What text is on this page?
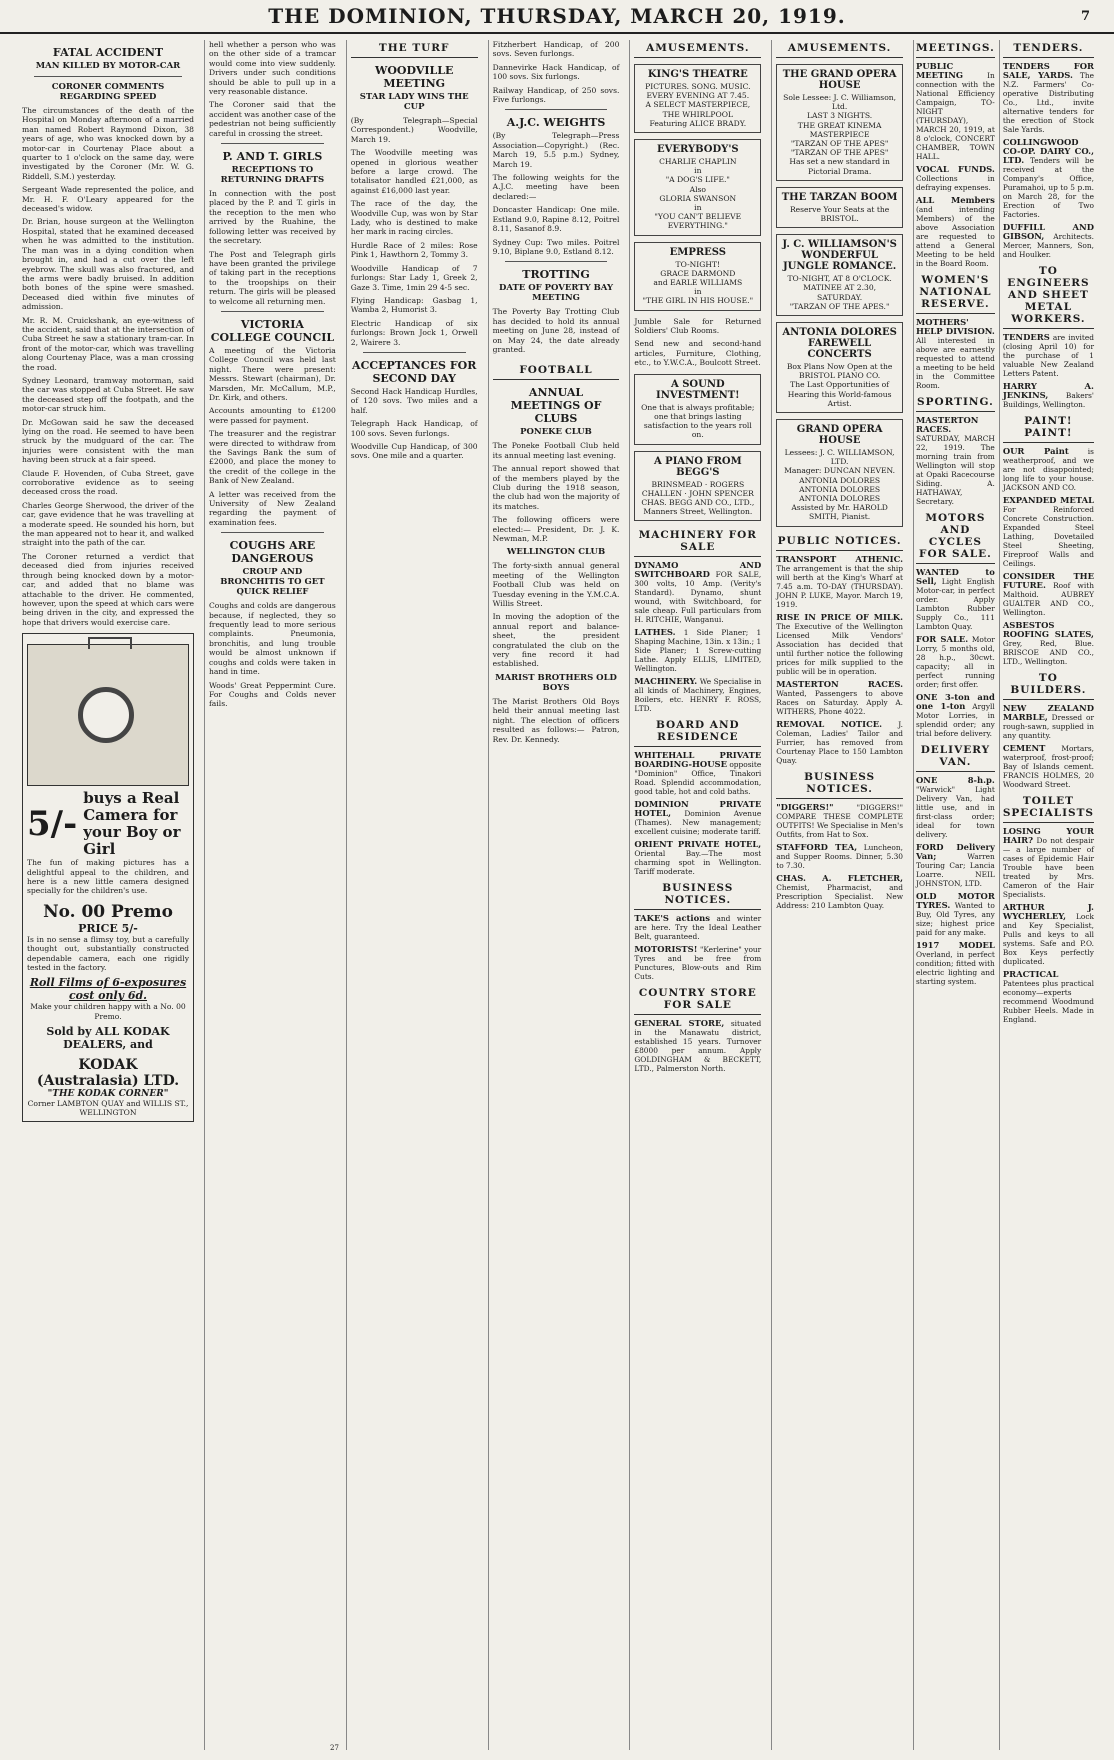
THE DOMINION, THURSDAY, MARCH 20, 1919.	7
FATAL ACCIDENT
MAN KILLED BY MOTOR-CAR
CORONER COMMENTS REGARDING SPEED

The circumstances of the death of the Hospital on Monday afternoon of a married man named Robert Raymond Dixon, 38 years of age, who was knocked down by a motor-car in Courtenay Place about a quarter to 1 o'clock on the same day, were investigated by the Coroner (Mr. W. G. Riddell, S.M.) yesterday.

Sergeant Wade represented the police, and Mr. H. F. O'Leary appeared for the deceased's widow.

Dr. Brian, house surgeon at the Wellington Hospital, stated that he examined deceased when he was admitted to the institution. The man was in a dying condition when brought in, and had a cut over the left eyebrow. The skull was also fractured, and the arms were badly bruised. In addition both bones of the spine were smashed. Deceased died within five minutes of admission.

Mr. R. M. Cruickshank, an eye-witness of the accident, said that at the intersection of Cuba Street he saw a stationary tram-car. In front of the motor-car, which was travelling along Courtenay Place, was a man crossing the road.

Sydney Leonard, tramway motorman, said the car was stopped at Cuba Street. He saw the deceased step off the footpath, and the motor-car struck him.

Dr. McGowan said he saw the deceased lying on the road. He seemed to have been struck by the mudguard of the car. The injuries were consistent with the man having been struck at a fair speed.

Claude F. Hovenden, of Cuba Street, gave corroborative evidence as to seeing deceased cross the road.

Charles George Sherwood, the driver of the car, gave evidence that he was travelling at a moderate speed. He sounded his horn, but the man appeared not to hear it, and walked straight into the path of the car.

The Coroner returned a verdict that deceased died from injuries received through being knocked down by a motor-car, and added that no blame was attachable to the driver. He commented, however, upon the speed at which cars were being driven in the city, and expressed the hope that drivers would exercise care.

5/-
buys a Real Camera for your Boy or Girl

The fun of making pictures has a delightful appeal to the children, and here is a new little camera designed specially for the children's use.

No. 00 Premo
PRICE 5/-

Is in no sense a flimsy toy, but a carefully thought out, substantially constructed dependable camera, each one rigidly tested in the factory.

Roll Films of 6-exposures cost only 6d.

Make your children happy with a No. 00 Premo.

Sold by ALL KODAK DEALERS, and
KODAK (Australasia) LTD.
"THE KODAK CORNER"
Corner LAMBTON QUAY and WILLIS ST., WELLINGTON

hell whether a person who was on the other side of a tramcar would come into view suddenly. Drivers under such conditions should be able to pull up in a very reasonable distance.

The Coroner said that the accident was another case of the pedestrian not being sufficiently careful in crossing the street.

P. AND T. GIRLS
RECEPTIONS TO RETURNING DRAFTS

In connection with the post placed by the P. and T. girls in the reception to the men who arrived by the Ruahine, the following letter was received by the secretary.

The Post and Telegraph girls have been granted the privilege of taking part in the receptions to the troopships on their return. The girls will be pleased to welcome all returning men.

VICTORIA COLLEGE COUNCIL

A meeting of the Victoria College Council was held last night. There were present: Messrs. Stewart (chairman), Dr. Marsden, Mr. McCallum, M.P., Dr. Kirk, and others.

Accounts amounting to £1200 were passed for payment.

The treasurer and the registrar were directed to withdraw from the Savings Bank the sum of £2000, and place the money to the credit of the college in the Bank of New Zealand.

A letter was received from the University of New Zealand regarding the payment of examination fees.

COUGHS ARE DANGEROUS
CROUP AND BRONCHITIS TO GET QUICK RELIEF

Coughs and colds are dangerous because, if neglected, they so frequently lead to more serious complaints. Pneumonia, bronchitis, and lung trouble would be almost unknown if coughs and colds were taken in hand in time.

Woods' Great Peppermint Cure. For Coughs and Colds never fails.

THE TURF
WOODVILLE MEETING
STAR LADY WINS THE CUP

(By Telegraph—Special Correspondent.) Woodville, March 19.

The Woodville meeting was opened in glorious weather before a large crowd. The totalisator handled £21,000, as against £16,000 last year.

The race of the day, the Woodville Cup, was won by Star Lady, who is destined to make her mark in racing circles.

Hurdle Race of 2 miles: Rose Pink 1, Hawthorn 2, Tommy 3.

Woodville Handicap of 7 furlongs: Star Lady 1, Greek 2, Gaze 3. Time, 1min 29 4-5 sec.

Flying Handicap: Gasbag 1, Wamba 2, Humorist 3.

Electric Handicap of six furlongs: Brown Jock 1, Orwell 2, Wairere 3.

ACCEPTANCES FOR SECOND DAY

Second Hack Handicap Hurdles, of 120 sovs. Two miles and a half.

Telegraph Hack Handicap, of 100 sovs. Seven furlongs.

Woodville Cup Handicap, of 300 sovs. One mile and a quarter.

Fitzherbert Handicap, of 200 sovs. Seven furlongs.

Dannevirke Hack Handicap, of 100 sovs. Six furlongs.

Railway Handicap, of 250 sovs. Five furlongs.

A.J.C. WEIGHTS

(By Telegraph—Press Association—Copyright.) (Rec. March 19, 5.5 p.m.) Sydney, March 19.

The following weights for the A.J.C. meeting have been declared:—

Doncaster Handicap: One mile. Estland 9.0, Rapine 8.12, Poitrel 8.11, Sasanof 8.9.

Sydney Cup: Two miles. Poitrel 9.10, Biplane 9.0, Estland 8.12.

TROTTING
DATE OF POVERTY BAY MEETING

The Poverty Bay Trotting Club has decided to hold its annual meeting on June 28, instead of on May 24, the date already granted.

FOOTBALL
ANNUAL MEETINGS OF CLUBS
PONEKE CLUB

The Poneke Football Club held its annual meeting last evening.

The annual report showed that of the members played by the Club during the 1918 season, the club had won the majority of its matches.

The following officers were elected:— President, Dr. J. K. Newman, M.P.

WELLINGTON CLUB

The forty-sixth annual general meeting of the Wellington Football Club was held on Tuesday evening in the Y.M.C.A. Willis Street.

In moving the adoption of the annual report and balance-sheet, the president congratulated the club on the very fine record it had established.

MARIST BROTHERS OLD BOYS

The Marist Brothers Old Boys held their annual meeting last night. The election of officers resulted as follows:— Patron, Rev. Dr. Kennedy.

AMUSEMENTS.
KING'S THEATRE
PICTURES. SONG. MUSIC.
EVERY EVENING AT 7.45.
A SELECT MASTERPIECE,
THE WHIRLPOOL
Featuring ALICE BRADY.
EVERYBODY'S
CHARLIE CHAPLIN
in
"A DOG'S LIFE."
Also
GLORIA SWANSON
in
"YOU CAN'T BELIEVE EVERYTHING."
EMPRESS
TO-NIGHT!
GRACE DARMOND
and EARLE WILLIAMS
in
"THE GIRL IN HIS HOUSE."

Jumble Sale for Returned Soldiers' Club Rooms.

Send new and second-hand articles, Furniture, Clothing, etc., to Y.W.C.A., Boulcott Street.

A SOUND INVESTMENT!
One that is always profitable; one that brings lasting satisfaction to the years roll on.
A PIANO FROM BEGG'S
BRINSMEAD · ROGERS
CHALLEN · JOHN SPENCER
CHAS. BEGG AND CO., LTD.,
Manners Street, Wellington.
MACHINERY FOR SALE

DYNAMO AND SWITCHBOARD FOR SALE, 300 volts, 10 Amp. (Verity's Standard). Dynamo, shunt wound, with Switchboard, for sale cheap. Full particulars from H. RITCHIE, Wanganui.

LATHES. 1 Side Planer; 1 Shaping Machine, 13in. x 13in.; 1 Side Planer; 1 Screw-cutting Lathe. Apply ELLIS, LIMITED, Wellington.

MACHINERY. We Specialise in all kinds of Machinery, Engines, Boilers, etc. HENRY F. ROSS, LTD.

BOARD AND RESIDENCE

WHITEHALL PRIVATE BOARDING-HOUSE opposite "Dominion" Office, Tinakori Road. Splendid accommodation, good table, hot and cold baths.

DOMINION PRIVATE HOTEL, Dominion Avenue (Thames). New management; excellent cuisine; moderate tariff.

ORIENT PRIVATE HOTEL, Oriental Bay.—The most charming spot in Wellington. Tariff moderate.

BUSINESS NOTICES.

TAKE'S actions and winter are here. Try the Ideal Leather Belt, guaranteed.

MOTORISTS! "Kerlerine" your Tyres and be free from Punctures, Blow-outs and Rim Cuts.

COUNTRY STORE FOR SALE

GENERAL STORE, situated in the Manawatu district, established 15 years. Turnover £8000 per annum. Apply GOLDINGHAM & BECKETT, LTD., Palmerston North.

AMUSEMENTS.
THE GRAND OPERA HOUSE
Sole Lessee: J. C. Williamson, Ltd.
LAST 3 NIGHTS.
THE GREAT KINEMA MASTERPIECE
"TARZAN OF THE APES"
"TARZAN OF THE APES"
Has set a new standard in Pictorial Drama.
THE TARZAN BOOM
Reserve Your Seats at the BRISTOL.
J. C. WILLIAMSON'S WONDERFUL JUNGLE ROMANCE.
TO-NIGHT, AT 8 O'CLOCK.
MATINEE AT 2.30, SATURDAY.
"TARZAN OF THE APES."
ANTONIA DOLORES FAREWELL CONCERTS
Box Plans Now Open at the BRISTOL PIANO CO.
The Last Opportunities of Hearing this World-famous Artist.
GRAND OPERA HOUSE
Lessees: J. C. WILLIAMSON, LTD.
Manager: DUNCAN NEVEN.
ANTONIA DOLORES
ANTONIA DOLORES
ANTONIA DOLORES
Assisted by Mr. HAROLD SMITH, Pianist.
PUBLIC NOTICES.

TRANSPORT ATHENIC. The arrangement is that the ship will berth at the King's Wharf at 7.45 a.m. TO-DAY (THURSDAY). JOHN P. LUKE, Mayor. March 19, 1919.

RISE IN PRICE OF MILK. The Executive of the Wellington Licensed Milk Vendors' Association has decided that until further notice the following prices for milk supplied to the public will be in operation.

MASTERTON RACES. Wanted, Passengers to above Races on Saturday. Apply A. WITHERS, Phone 4022.

REMOVAL NOTICE. J. Coleman, Ladies' Tailor and Furrier, has removed from Courtenay Place to 150 Lambton Quay.

BUSINESS NOTICES.

"DIGGERS!"	"DIGGERS!" COMPARE THESE COMPLETE OUTFITS! We Specialise in Men's Outfits, from Hat to Sox.

STAFFORD TEA, Luncheon, and Supper Rooms. Dinner, 5.30 to 7.30.

CHAS. A. FLETCHER, Chemist, Pharmacist, and Prescription Specialist. New Address: 210 Lambton Quay.

MEETINGS.

PUBLIC MEETING	In connection with the National Efficiency Campaign, TO-NIGHT (THURSDAY), MARCH 20, 1919, at 8 o'clock, CONCERT CHAMBER, TOWN HALL.

VOCAL FUNDS. Collections in defraying expenses.

ALL Members (and intending Members) of the above Association are requested to attend a General Meeting to be held in the Board Room.

WOMEN'S NATIONAL RESERVE.

MOTHERS' HELP DIVISION. All interested in above are earnestly requested to attend a meeting to be held in the Committee Room.

SPORTING.

MASTERTON RACES. SATURDAY, MARCH 22, 1919. The morning train from Wellington will stop at Opaki Racecourse Siding. A. HATHAWAY, Secretary.

MOTORS AND CYCLES FOR SALE.

WANTED to Sell, Light English Motor-car, in perfect order. Apply Lambton Rubber Supply Co., 111 Lambton Quay.

FOR SALE. Motor Lorry, 5 months old, 28 h.p., 30cwt. capacity; all in perfect running order; first offer.

ONE 3-ton and one 1-ton Argyll Motor Lorries, in splendid order; any trial before delivery.

DELIVERY VAN.

ONE 8-h.p. "Warwick" Light Delivery Van, had little use, and in first-class order; ideal for town delivery.

FORD Delivery Van;	Warren Touring Car; Lancia Loarre. NEIL JOHNSTON, LTD.

OLD MOTOR TYRES. Wanted to Buy, Old Tyres, any size; highest price paid for any make.

1917 MODEL Overland, in perfect condition; fitted with electric lighting and starting system.

TENDERS.

TENDERS FOR SALE, YARDS. The N.Z. Farmers' Co-operative Distributing Co., Ltd., invite alternative tenders for the erection of Stock Sale Yards.

COLLINGWOOD CO-OP. DAIRY CO., LTD. Tenders will be received at the Company's Office, Puramahoi, up to 5 p.m. on March 28, for the Erection of Two Factories.

DUFFILL AND GIBSON, Architects. Mercer, Manners, Son, and Houlker.

TO ENGINEERS AND SHEET METAL WORKERS.

TENDERS are invited (closing April 10) for the purchase of 1 valuable New Zealand Letters Patent.

HARRY A. JENKINS, Bakers' Buildings, Wellington.

PAINT! PAINT!

OUR Paint	is weatherproof, and we are not disappointed; long life to your house. JACKSON AND CO.

EXPANDED METAL For Reinforced Concrete Construction. Expanded Steel Lathing, Dovetailed Steel Sheeting, Fireproof Walls and Ceilings.

CONSIDER THE FUTURE. Roof with Malthoid. AUBREY GUALTER AND CO., Wellington.

ASBESTOS ROOFING SLATES, Grey, Red, Blue. BRISCOE AND CO., LTD., Wellington.

TO BUILDERS.

NEW ZEALAND MARBLE, Dressed or rough-sawn, supplied in any quantity.

CEMENT Mortars, waterproof, frost-proof; Bay of Islands cement. FRANCIS HOLMES, 20 Woodward Street.

TOILET SPECIALISTS

LOSING YOUR HAIR? Do not despair — a large number of cases of Epidemic Hair Trouble have been treated by Mrs. Cameron of the Hair Specialists.

ARTHUR J. WYCHERLEY, Lock and Key Specialist, Pulls and keys to all systems. Safe and P.O. Box Keys perfectly duplicated.

PRACTICAL Patentees plus practical economy—experts recommend Woodmund Rubber Heels. Made in England.

27
